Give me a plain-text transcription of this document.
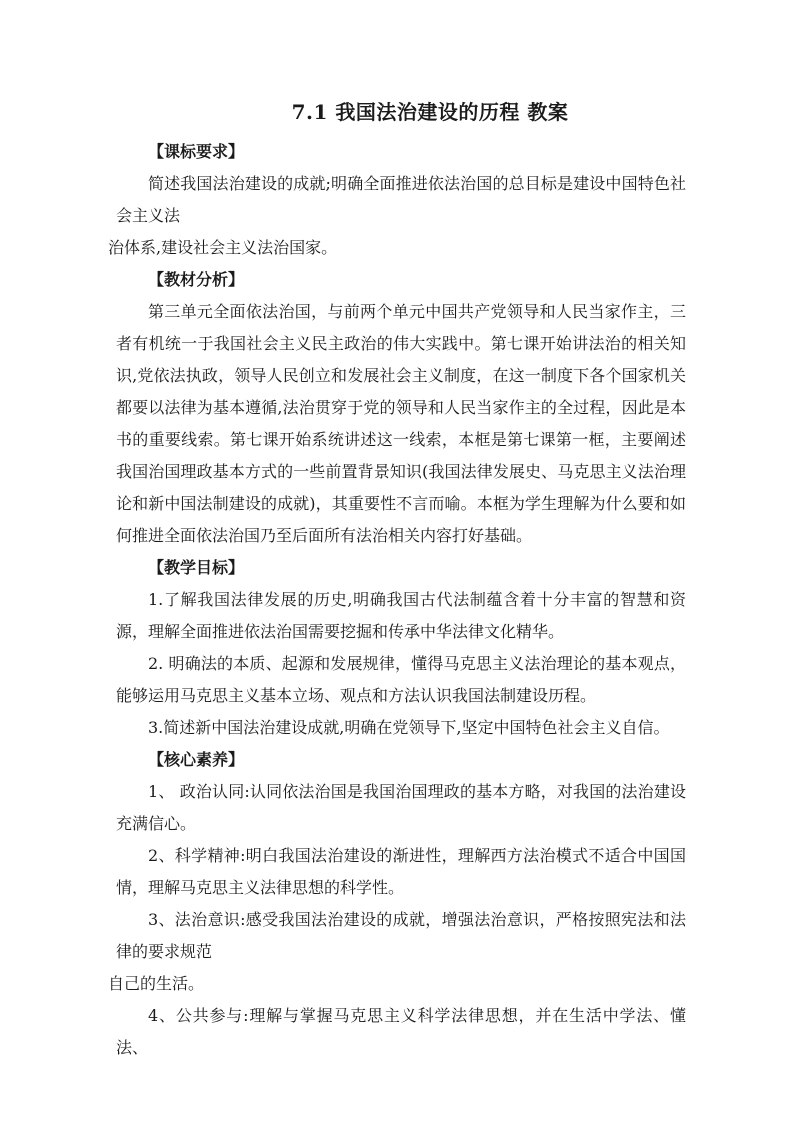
7.1 我国法治建设的历程 教案

【课标要求】

简述我国法治建设的成就;明确全面推进依法治国的总目标是建设中国特色社会主义法

治体系,建设社会主义法治国家。

【教材分析】

第三单元全面依法治国，与前两个单元中国共产党领导和人民当家作主，三者有机统一于我国社会主义民主政治的伟大实践中。第七课开始讲法治的相关知识,党依法执政，领导人民创立和发展社会主义制度，在这一制度下各个国家机关都要以法律为基本遵循,法治贯穿于党的领导和人民当家作主的全过程，因此是本书的重要线索。第七课开始系统讲述这一线索，本框是第七课第一框，主要阐述我国治国理政基本方式的一些前置背景知识(我国法律发展史、马克思主义法治理论和新中国法制建设的成就)，其重要性不言而喻。本框为学生理解为什么要和如何推进全面依法治国乃至后面所有法治相关内容打好基础。

【教学目标】

1.了解我国法律发展的历史,明确我国古代法制蕴含着十分丰富的智慧和资源，理解全面推进依法治国需要挖掘和传承中华法律文化精华。

2. 明确法的本质、起源和发展规律，懂得马克思主义法治理论的基本观点，能够运用马克思主义基本立场、观点和方法认识我国法制建设历程。

3.简述新中国法治建设成就,明确在党领导下,坚定中国特色社会主义自信。

【核心素养】

1、 政治认同:认同依法治国是我国治国理政的基本方略，对我国的法治建设充满信心。

2、科学精神:明白我国法治建设的渐进性，理解西方法治模式不适合中国国情，理解马克思主义法律思想的科学性。

3、法治意识:感受我国法治建设的成就，增强法治意识，严格按照宪法和法律的要求规范

自己的生活。

4、公共参与:理解与掌握马克思主义科学法律思想，并在生活中学法、懂法、
